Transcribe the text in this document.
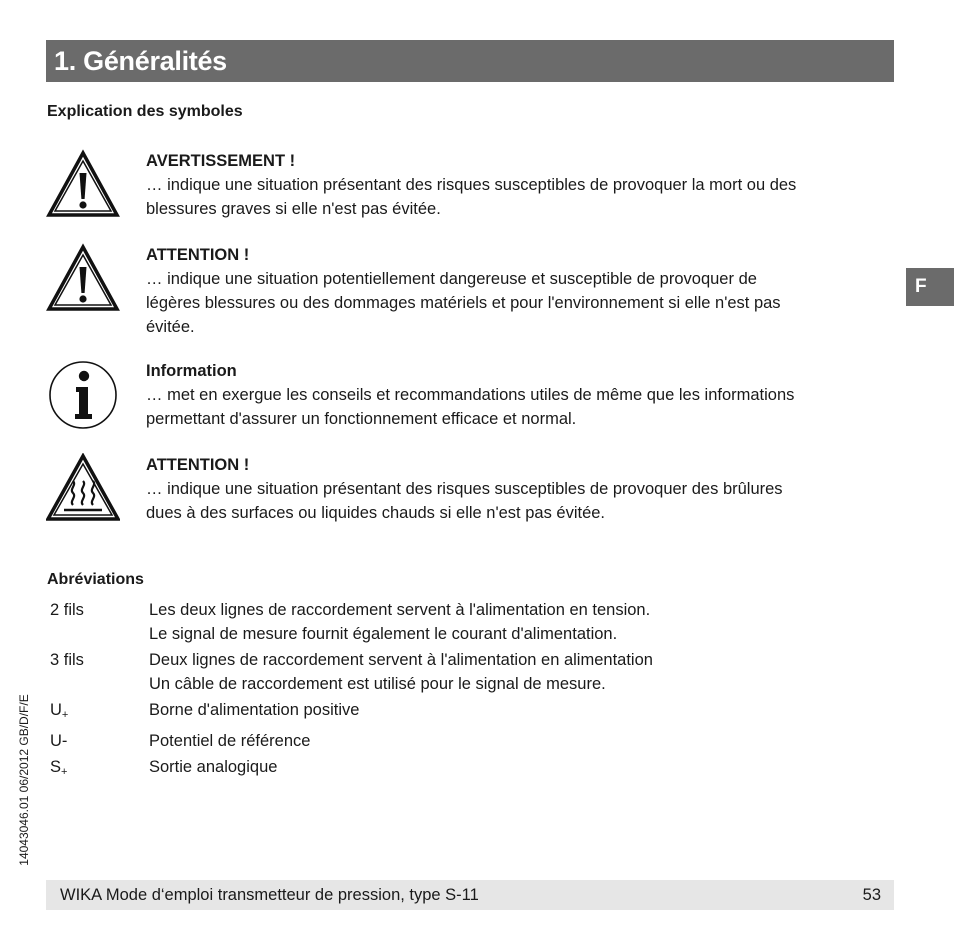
1. Généralités
F
14043046.01 06/2012 GB/D/F/E
Explication des symboles
AVERTISSEMENT !
… indique une situation présentant des risques susceptibles de provoquer la mort ou des
blessures graves si elle n'est pas évitée.
ATTENTION !
… indique une situation potentiellement dangereuse et susceptible de provoquer de
légères blessures ou des dommages matériels et pour l'environnement si elle n'est pas
évitée.
Information
… met en exergue les conseils et recommandations utiles de même que les informations
permettant d'assurer un fonctionnement efficace et normal.
ATTENTION !
… indique une situation présentant des risques susceptibles de provoquer des brûlures
dues à des surfaces ou liquides chauds si elle n'est pas évitée.
Abréviations
2 fils	Les deux lignes de raccordement servent à l'alimentation en tension.
Le signal de mesure fournit également le courant d'alimentation.
3 fils	Deux lignes de raccordement servent à l'alimentation en alimentation
Un câble de raccordement est utilisé pour le signal de mesure.
$U_+$	Borne d'alimentation positive
U-	Potentiel de référence
$S_+$	Sortie analogique
WIKA Mode d‘emploi transmetteur de pression, type S-11	53
